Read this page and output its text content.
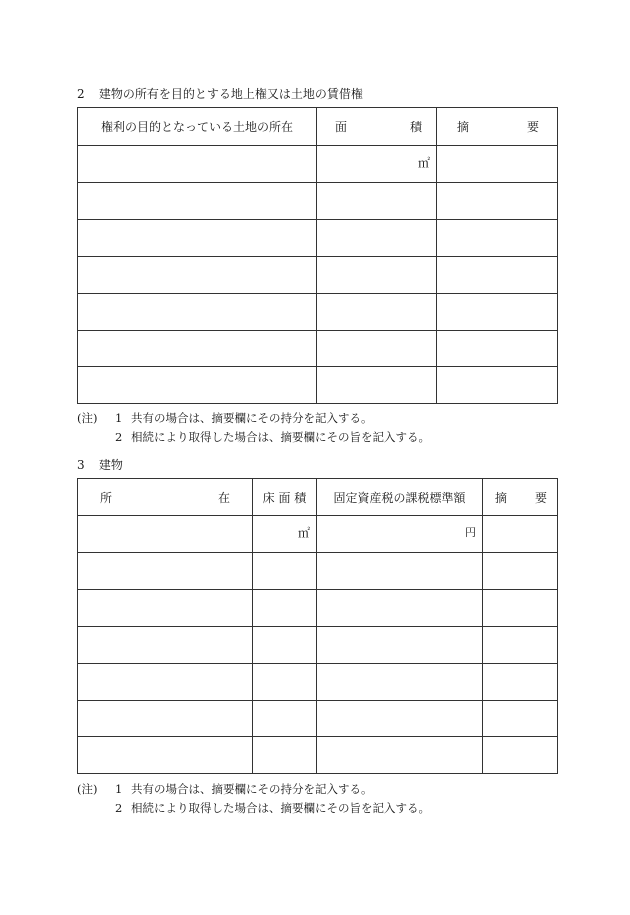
2 建物の所有を目的とする地上権又は土地の賃借権
権利の目的となっている土地の所在	面 積	摘 要

	㎡	

(注) 1 共有の場合は、摘要欄にその持分を記入する。
2 相続により取得した場合は、摘要欄にその旨を記入する。
3 建物
所 在	床 面 積	固定資産税の課税標準額	摘 要

	㎡	円	

(注) 1 共有の場合は、摘要欄にその持分を記入する。
2 相続により取得した場合は、摘要欄にその旨を記入する。
